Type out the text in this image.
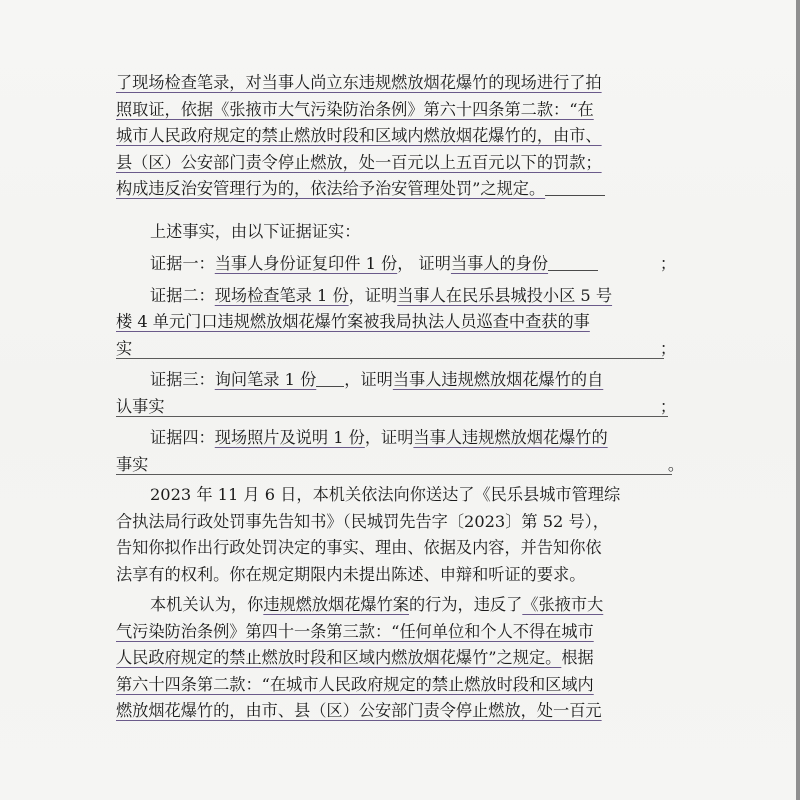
了现场检查笔录，对当事人尚立东违规燃放烟花爆竹的现场进行了拍
照取证，依据《张掖市大气污染防治条例》第六十四条第二款：“在
城市人民政府规定的禁止燃放时段和区域内燃放烟花爆竹的，由市、
县（区）公安部门责令停止燃放，处一百元以上五百元以下的罚款；
构成违反治安管理行为的，依法给予治安管理处罚”之规定。
上述事实，由以下证据证实：
证据一：当事人身份证复印件 1 份， 证明当事人的身份	；
证据二：现场检查笔录 1 份，证明当事人在民乐县城投小区 5 号
楼 4 单元门口违规燃放烟花爆竹案被我局执法人员巡查中查获的事
实	；
证据三：询问笔录 1 份 ，证明当事人违规燃放烟花爆竹的自
认事实	；
证据四：现场照片及说明 1 份，证明当事人违规燃放烟花爆竹的
事实	。
2023 年 11 月 6 日，本机关依法向你送达了《民乐县城市管理综
合执法局行政处罚事先告知书》（民城罚先告字〔2023〕第 52 号），
告知你拟作出行政处罚决定的事实、理由、依据及内容，并告知你依
法享有的权利。你在规定期限内未提出陈述、申辩和听证的要求。
本机关认为，你违规燃放烟花爆竹案的行为，违反了《张掖市大
气污染防治条例》第四十一条第三款：“任何单位和个人不得在城市
人民政府规定的禁止燃放时段和区域内燃放烟花爆竹”之规定。根据
第六十四条第二款：“在城市人民政府规定的禁止燃放时段和区域内
燃放烟花爆竹的，由市、县（区）公安部门责令停止燃放，处一百元
